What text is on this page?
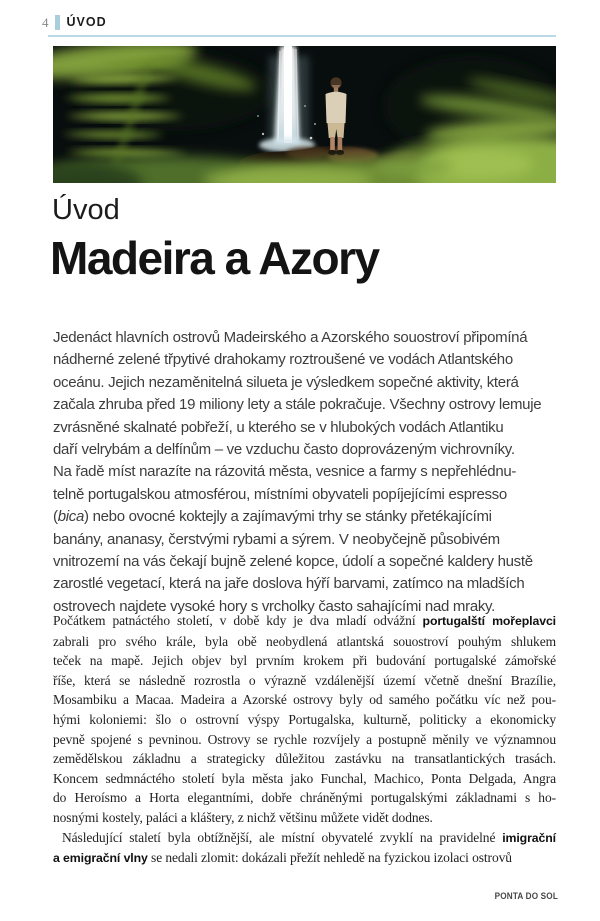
4 ÚVOD
Úvod
Madeira a Azory
Jedenáct hlavních ostrovů Madeirského a Azorského souostroví připomíná
nádherné zelené třpytivé drahokamy roztroušené ve vodách Atlantského
oceánu. Jejich nezaměnitelná silueta je výsledkem sopečné aktivity, která
začala zhruba před 19 miliony lety a stále pokračuje. Všechny ostrovy lemuje
zvrásněné skalnaté pobřeží, u kterého se v hlubokých vodách Atlantiku
daří velrybám a delfínům – ve vzduchu často doprovázeným vichrovníky.
Na řadě míst narazíte na rázovitá města, vesnice a farmy s nepřehlédnu-
telně portugalskou atmosférou, místními obyvateli popíjejícími espresso
(bica) nebo ovocné koktejly a zajímavými trhy se stánky přetékajícími
banány, ananasy, čerstvými rybami a sýrem. V neobyčejně působivém
vnitrozemí na vás čekají bujně zelené kopce, údolí a sopečné kaldery hustě
zarostlé vegetací, která na jaře doslova hýří barvami, zatímco na mladších
ostrovech najdete vysoké hory s vrcholky často sahajícími nad mraky.
Počátkem patnáctého století, v době kdy je dva mladí odvážní portugalští mořeplavci
zabrali pro svého krále, byla obě neobydlená atlantská souostroví pouhým shlukem
teček na mapě. Jejich objev byl prvním krokem při budování portugalské zámořské
říše, která se následně rozrostla o výrazně vzdálenější území včetně dnešní Brazílie,
Mosambiku a Macaa. Madeira a Azorské ostrovy byly od samého počátku víc než pou-
hými koloniemi: šlo o ostrovní výspy Portugalska, kulturně, politicky a ekonomicky
pevně spojené s pevninou. Ostrovy se rychle rozvíjely a postupně měnily ve významnou
zemědělskou základnu a strategicky důležitou zastávku na transatlantických trasách.
Koncem sedmnáctého století byla města jako Funchal, Machico, Ponta Delgada, Angra
do Heroísmo a Horta elegantními, dobře chráněnými portugalskými základnami s ho-
nosnými kostely, paláci a kláštery, z nichž většinu můžete vidět dodnes.
Následující staletí byla obtížnější, ale místní obyvatelé zvyklí na pravidelné imigrační
a emigrační vlny se nedali zlomit: dokázali přežít nehledě na fyzickou izolaci ostrovů
PONTA DO SOL
